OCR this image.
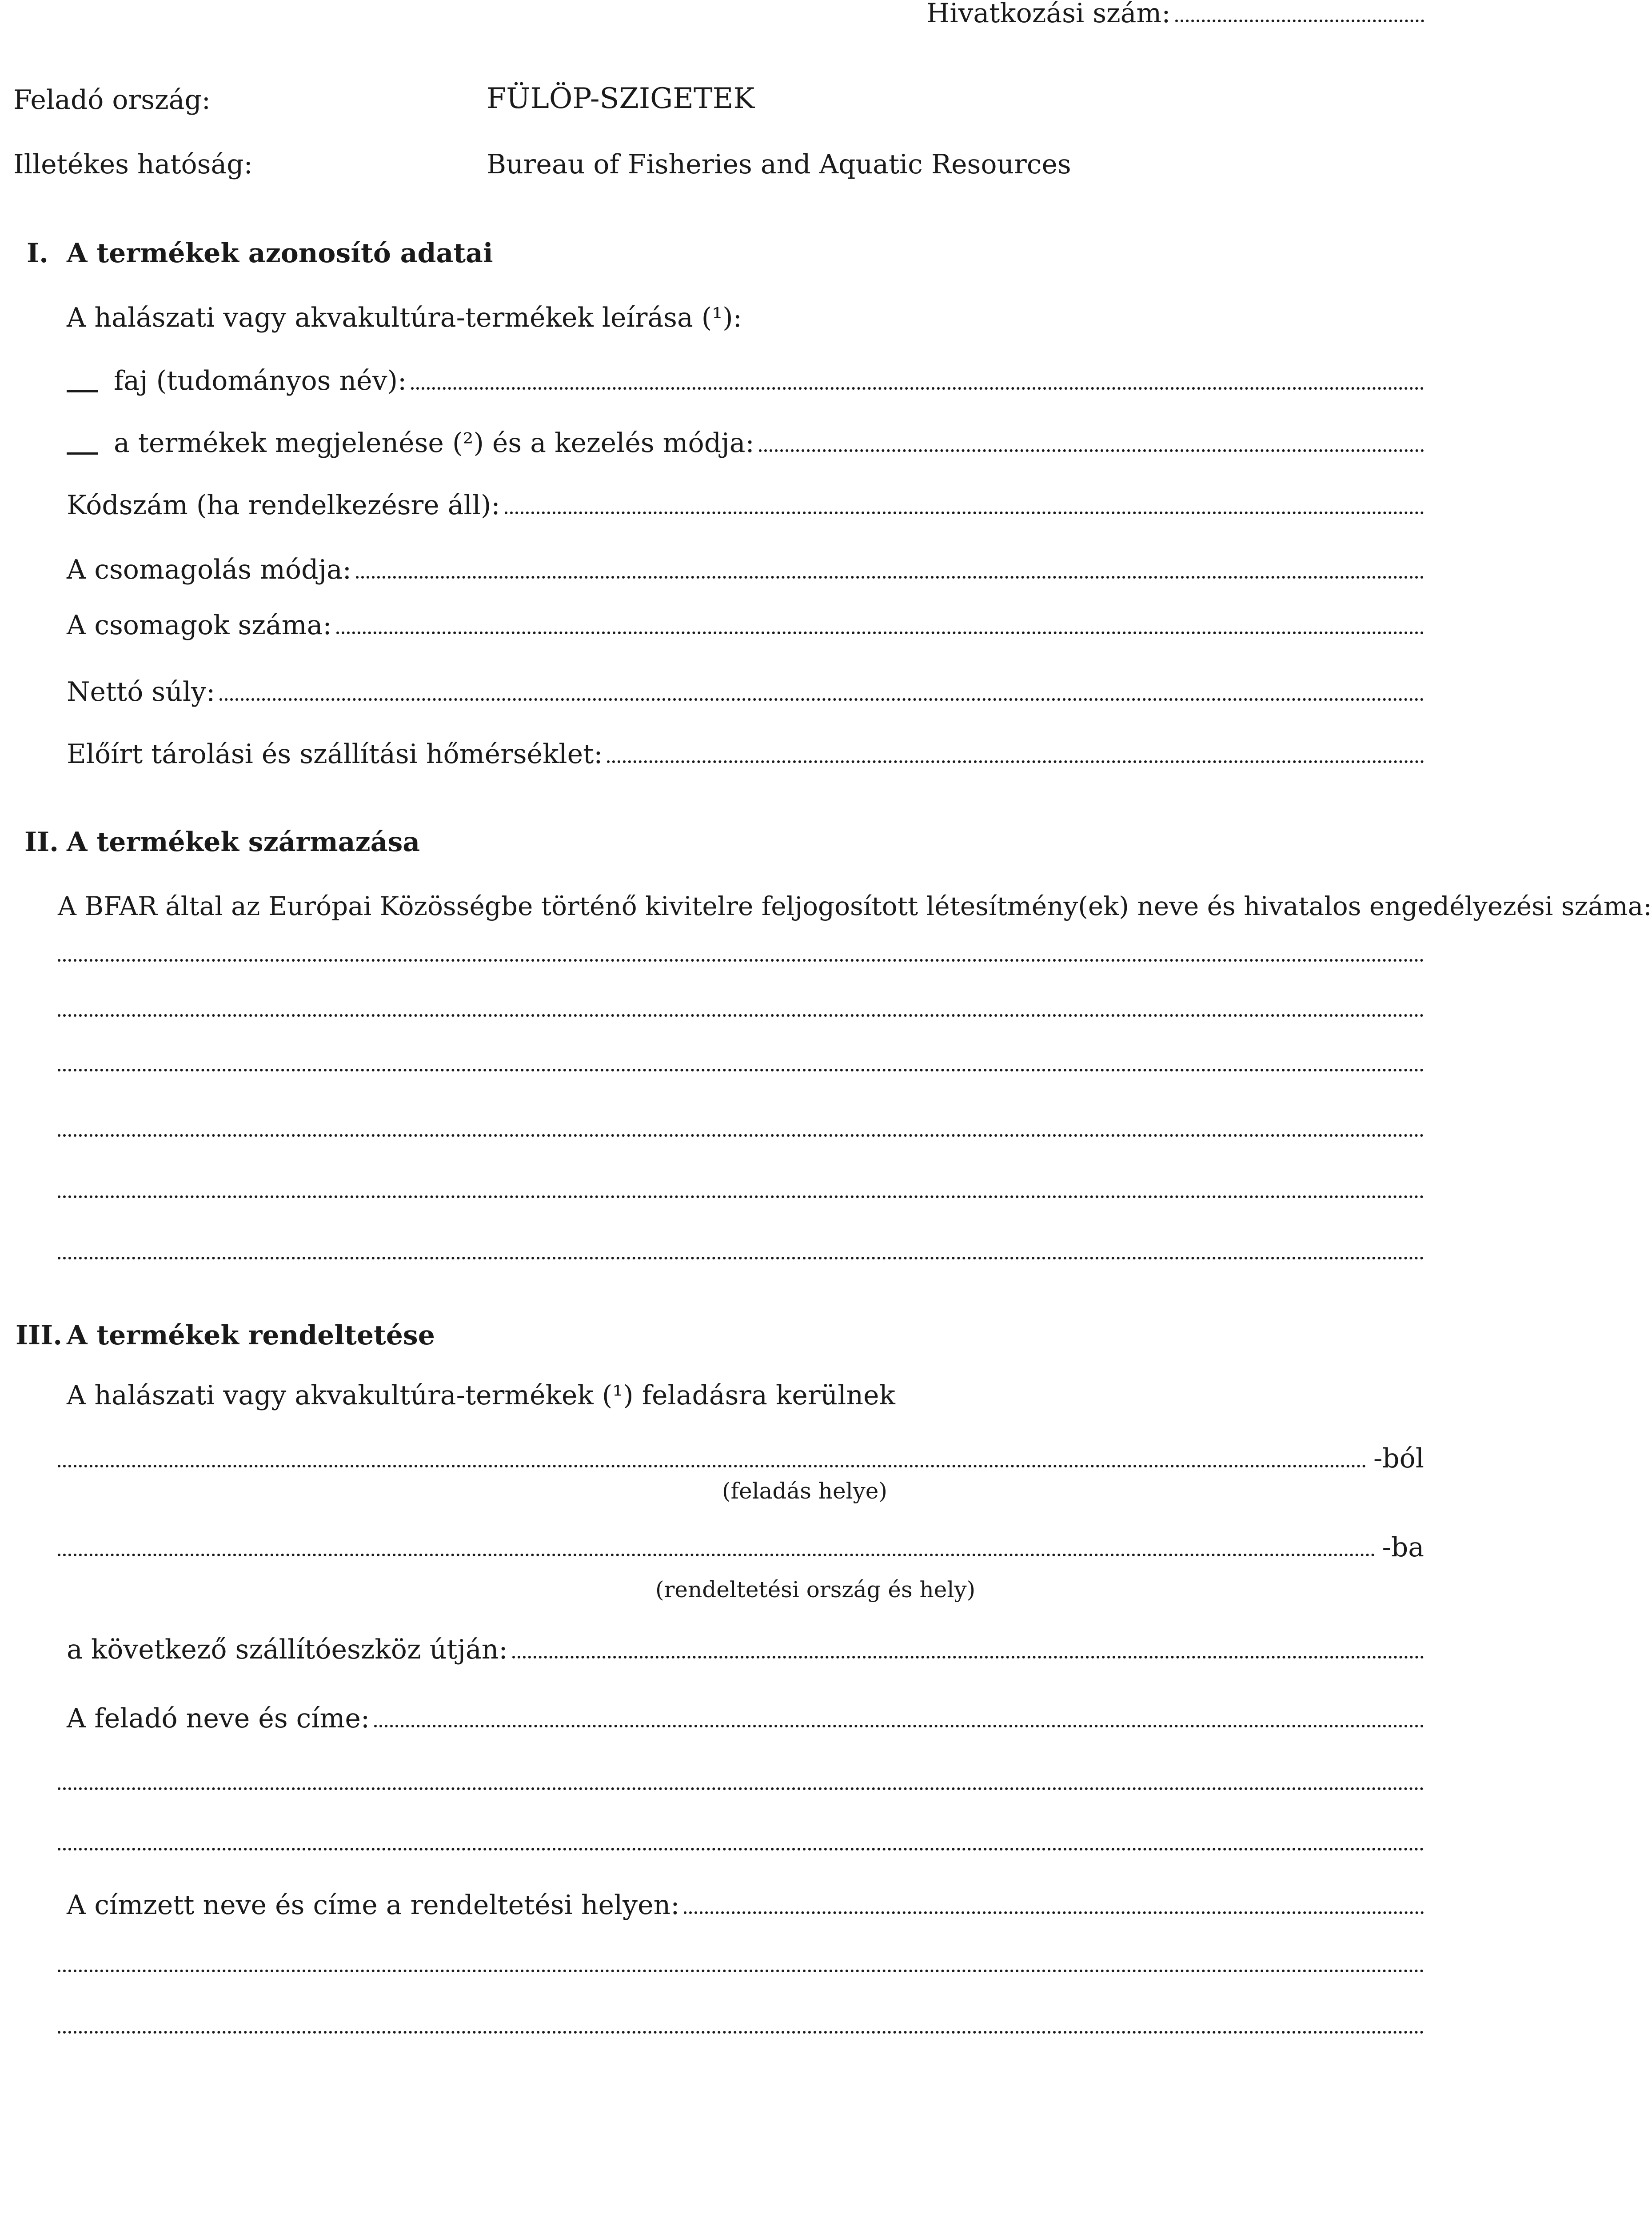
Hivatkozási szám:
Feladó ország:	FÜLÖP-SZIGETEK
Illetékes hatóság:	Bureau of Fisheries and Aquatic Resources
I. A termékek azonosító adatai
A halászati vagy akvakultúra-termékek leírása (¹):
faj (tudományos név):
a termékek megjelenése (²) és a kezelés módja:
Kódszám (ha rendelkezésre áll):
A csomagolás módja:
A csomagok száma:
Nettó súly:
Előírt tárolási és szállítási hőmérséklet:
II. A termékek származása
A BFAR által az Európai Közösségbe történő kivitelre feljogosított létesítmény(ek) neve és hivatalos engedélyezési száma:
III. A termékek rendeltetése
A halászati vagy akvakultúra-termékek (¹) feladásra kerülnek
-ból
(feladás helye)
-ba
(rendeltetési ország és hely)
a következő szállítóeszköz útján:
A feladó neve és címe:
A címzett neve és címe a rendeltetési helyen:
